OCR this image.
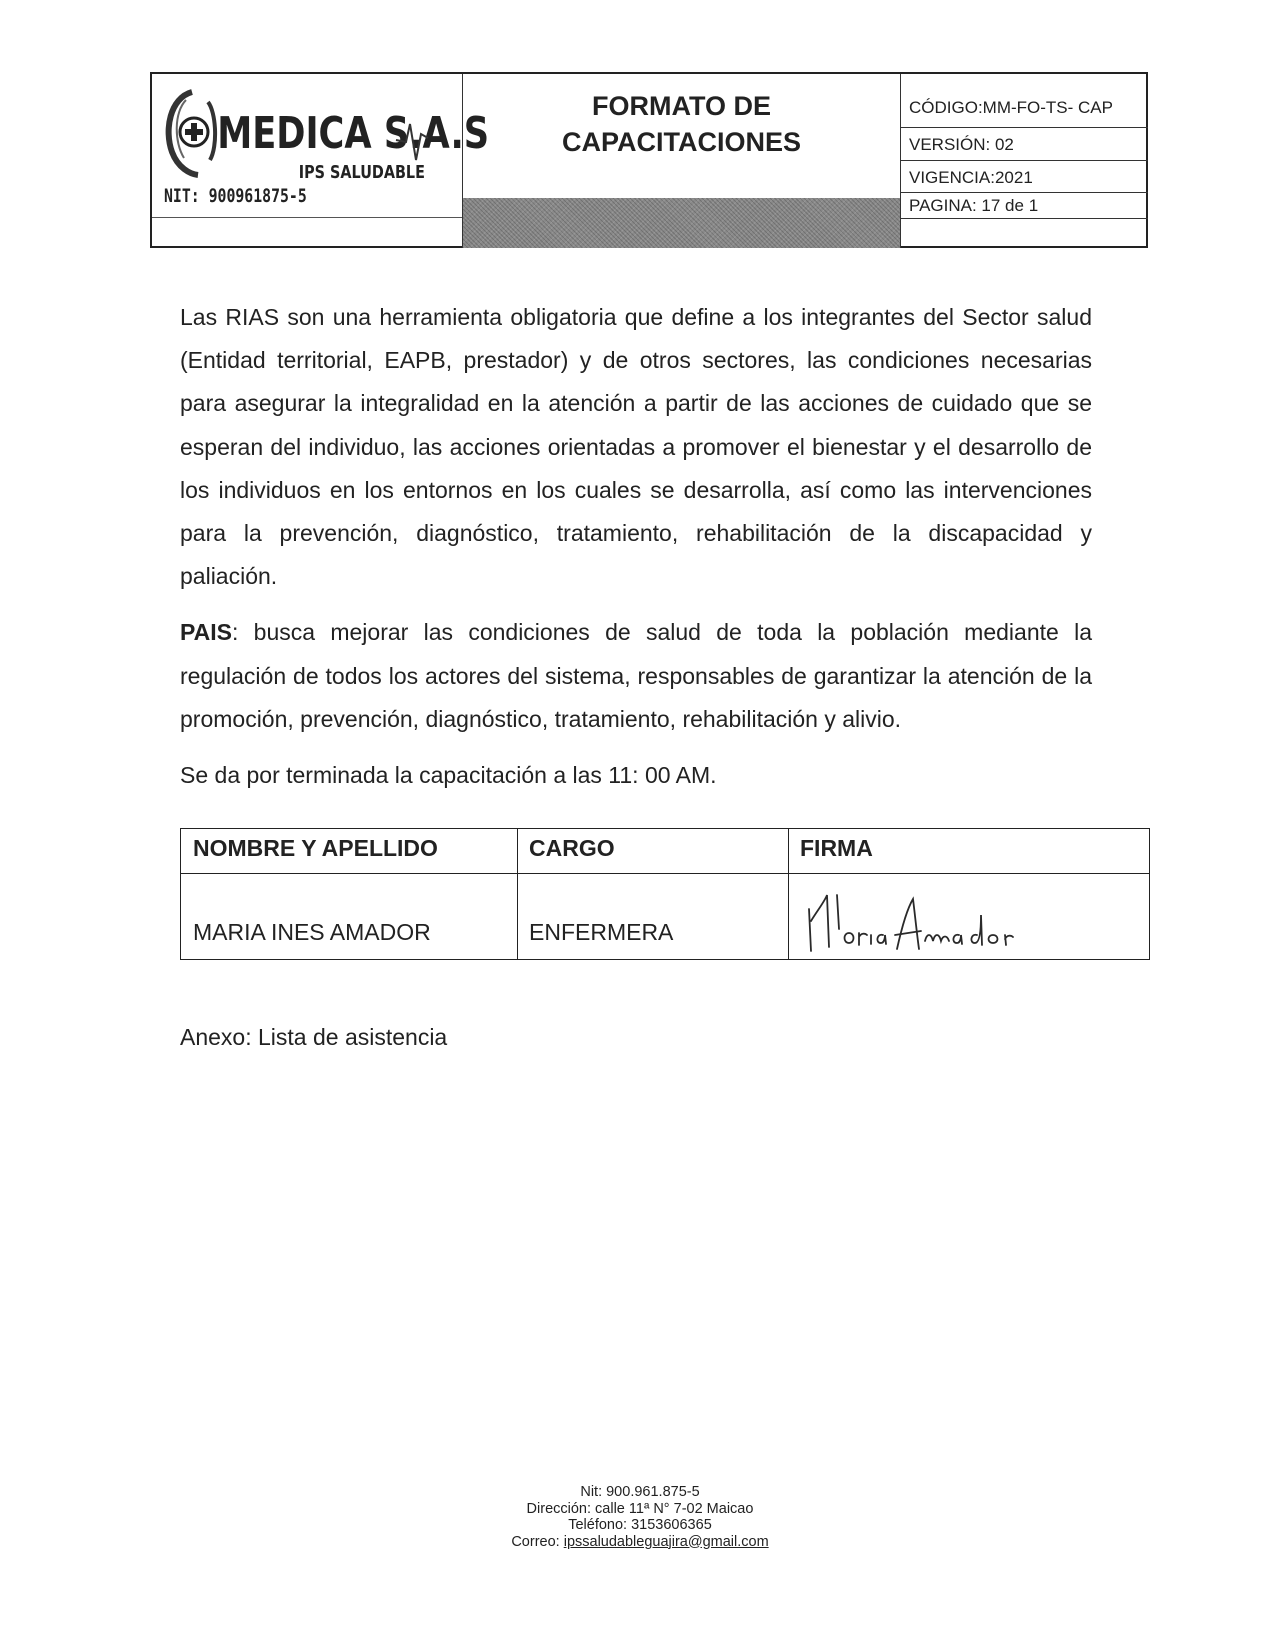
MEDICA S.A.S
IPS SALUDABLE
NIT: 900961875-5
FORMATO DE
CAPACITACIONES
CÓDIGO:MM-FO-TS- CAP
VERSIÓN: 02
VIGENCIA:2021
PAGINA: 17 de 1

Las RIAS son una herramienta obligatoria que define a los integrantes del Sector salud (Entidad territorial, EAPB, prestador) y de otros sectores, las condiciones necesarias para asegurar la integralidad en la atención a partir de las acciones de cuidado que se esperan del individuo, las acciones orientadas a promover el bienestar y el desarrollo de los individuos en los entornos en los cuales se desarrolla, así como las intervenciones para la prevención, diagnóstico, tratamiento, rehabilitación de la discapacidad y paliación.

PAIS: busca mejorar las condiciones de salud de toda la población mediante la regulación de todos los actores del sistema, responsables de garantizar la atención de la promoción, prevención, diagnóstico, tratamiento, rehabilitación y alivio.

Se da por terminada la capacitación a las 11: 00 AM.

NOMBRE Y APELLIDO	CARGO	FIRMA
MARIA INES AMADOR	ENFERMERA
Anexo: Lista de asistencia
Nit: 900.961.875-5
Dirección: calle 11ª N° 7-02 Maicao
Teléfono: 3153606365
Correo: ipssaludableguajira@gmail.com
